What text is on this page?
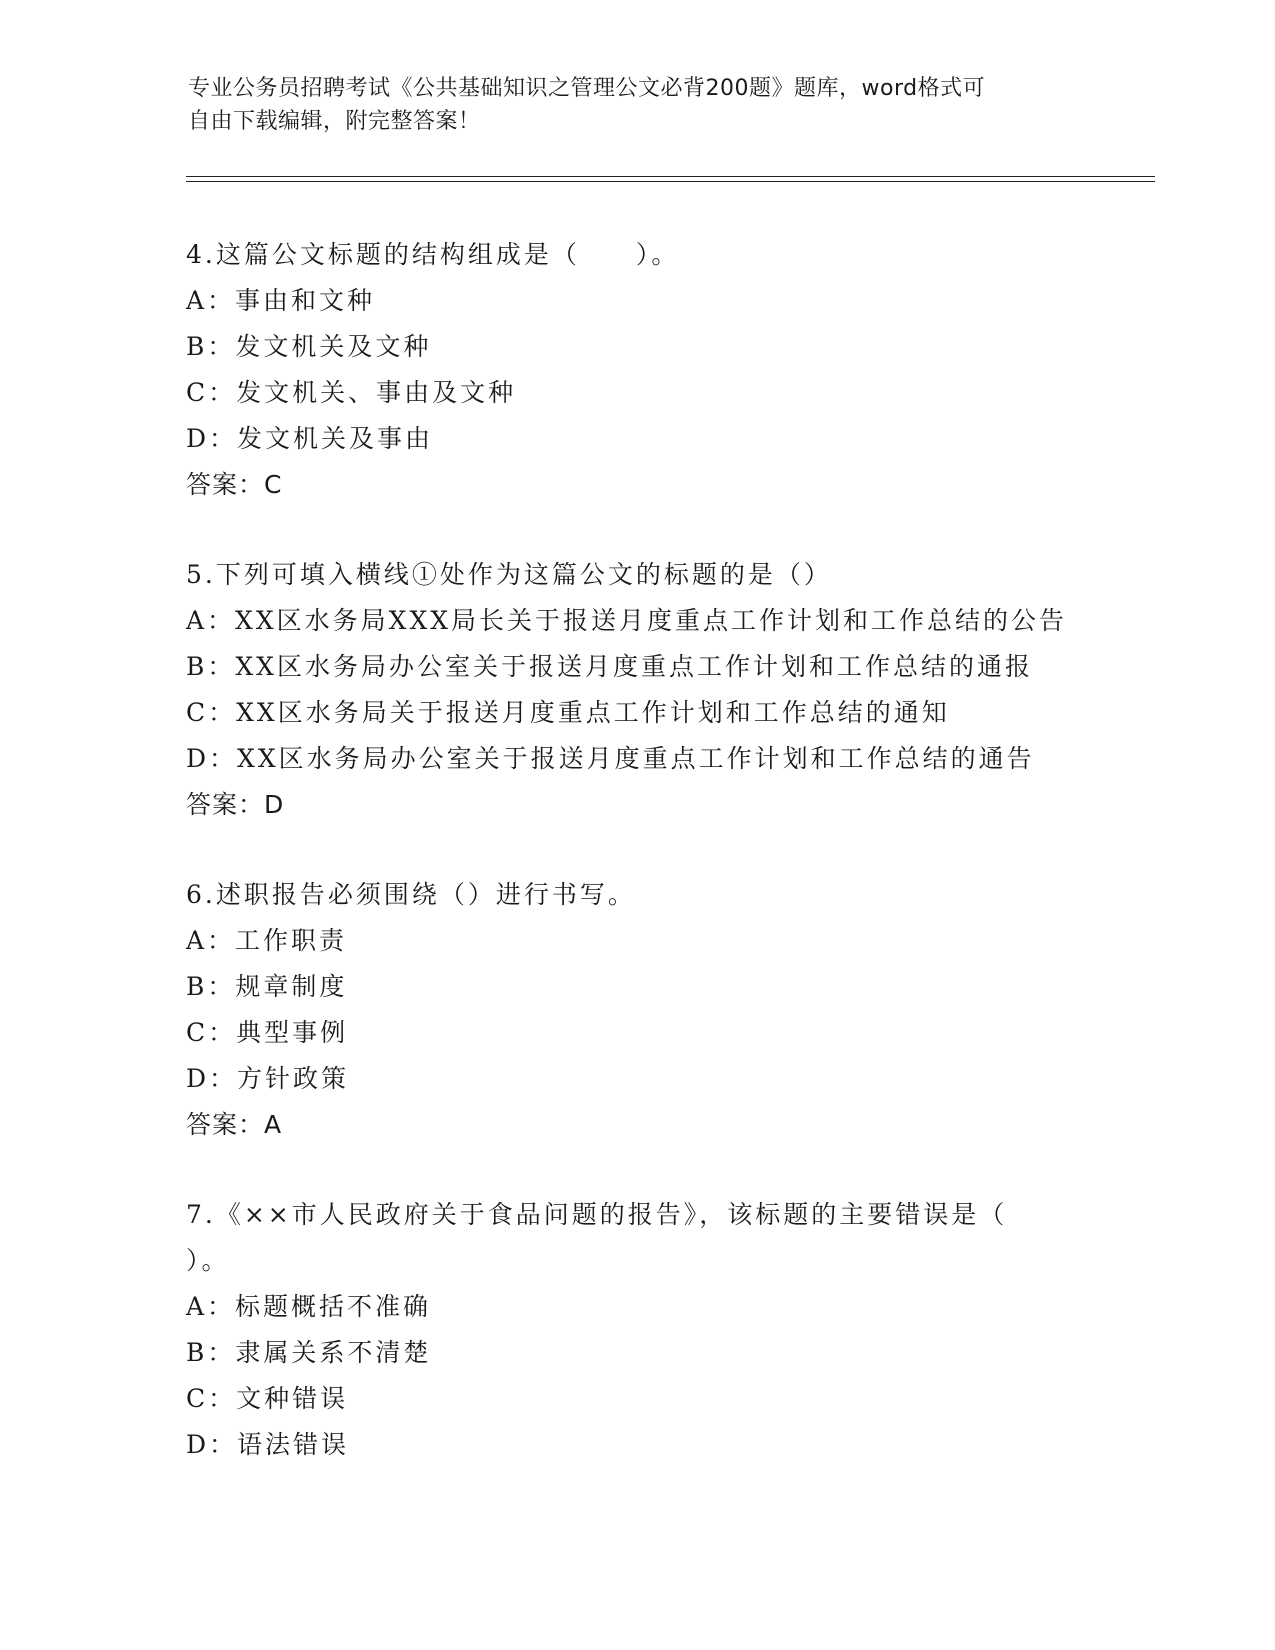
专业公务员招聘考试《公共基础知识之管理公文必背200题》题库，word格式可
自由下载编辑，附完整答案！
4.这篇公文标题的结构组成是（　　）。
A：事由和文种
B：发文机关及文种
C：发文机关、事由及文种
D：发文机关及事由
答案：C
5.下列可填入横线①处作为这篇公文的标题的是（）
A：XX区水务局XXX局长关于报送月度重点工作计划和工作总结的公告
B：XX区水务局办公室关于报送月度重点工作计划和工作总结的通报
C：XX区水务局关于报送月度重点工作计划和工作总结的通知
D：XX区水务局办公室关于报送月度重点工作计划和工作总结的通告
答案：D
6.述职报告必须围绕（）进行书写。
A：工作职责
B：规章制度
C：典型事例
D：方针政策
答案：A
7.《××市人民政府关于食品问题的报告》，该标题的主要错误是（
）。
A：标题概括不准确
B：隶属关系不清楚
C：文种错误
D：语法错误
